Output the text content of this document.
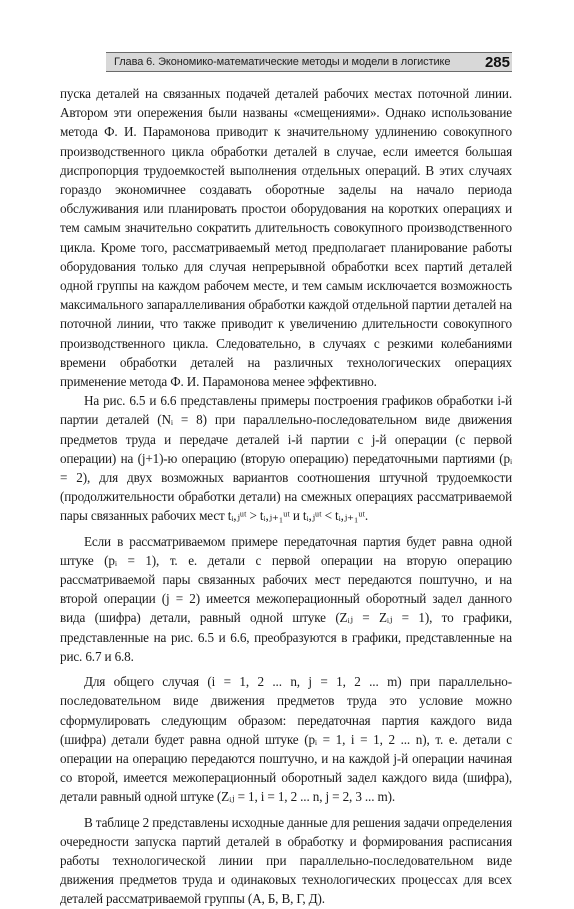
Глава 6. Экономико-математические методы и модели в логистике 285

пуска деталей на связанных подачей деталей рабочих местах поточной линии. Автором эти опережения были названы «смещениями». Однако использование метода Ф. И. Парамонова приводит к значительному удлинению совокупного производственного цикла обработки деталей в случае, если имеется большая диспропорция трудоемкостей выполнения отдельных операций. В этих случаях гораздо экономичнее создавать оборотные заделы на начало периода обслуживания или планировать простои оборудования на коротких операциях и тем самым значительно сократить длительность совокупного производственного цикла. Кроме того, рассматриваемый метод предполагает планирование работы оборудования только для случая непрерывной обработки всех партий деталей одной группы на каждом рабочем месте, и тем самым исключается возможность максимального запараллеливания обработки каждой отдельной партии деталей на поточной линии, что также приводит к увеличению длительности совокупного производственного цикла. Следовательно, в случаях с резкими колебаниями времени обработки деталей на различных технологических операциях применение метода Ф. И. Парамонова менее эффективно.

На рис. 6.5 и 6.6 представлены примеры построения графиков обработки i-й партии деталей (Nᵢ = 8) при параллельно-последовательном виде движения предметов труда и передаче деталей i-й партии с j-й операции (с первой операции) на (j+1)-ю операцию (вторую операцию) передаточными партиями (pᵢ = 2), для двух возможных вариантов соотношения штучной трудоемкости (продолжительности обработки детали) на смежных операциях рассматриваемой пары связанных рабочих мест tᵢ,ⱼᵘᵗ > tᵢ,ⱼ₊₁ᵘᵗ и tᵢ,ⱼᵘᵗ < tᵢ,ⱼ₊₁ᵘᵗ.

Если в рассматриваемом примере передаточная партия будет равна одной штуке (pᵢ = 1), т. е. детали с первой операции на вторую операцию рассматриваемой пары связанных рабочих мест передаются поштучно, и на второй операции (j = 2) имеется межоперационный оборотный задел данного вида (шифра) детали, равный одной штуке (Zᵢⱼ = Zᵢⱼ = 1), то графики, представленные на рис. 6.5 и 6.6, преобразуются в графики, представленные на рис. 6.7 и 6.8.

Для общего случая (i = 1, 2 ... n, j = 1, 2 ... m) при параллельно-последовательном виде движения предметов труда это условие можно сформулировать следующим образом: передаточная партия каждого вида (шифра) детали будет равна одной штуке (pᵢ = 1, i = 1, 2 ... n), т. е. детали с операции на операцию передаются поштучно, и на каждой j-й операции начиная со второй, имеется межоперационный оборотный задел каждого вида (шифра), детали равный одной штуке (Zᵢⱼ = 1, i = 1, 2 ... n, j = 2, 3 ... m).

В таблице 2 представлены исходные данные для решения задачи определения очередности запуска партий деталей в обработку и формирования расписания работы технологической линии при параллельно-последовательном виде движения предметов труда и одинаковых технологических процессах для всех деталей рассматриваемой группы (А, Б, В, Г, Д).
